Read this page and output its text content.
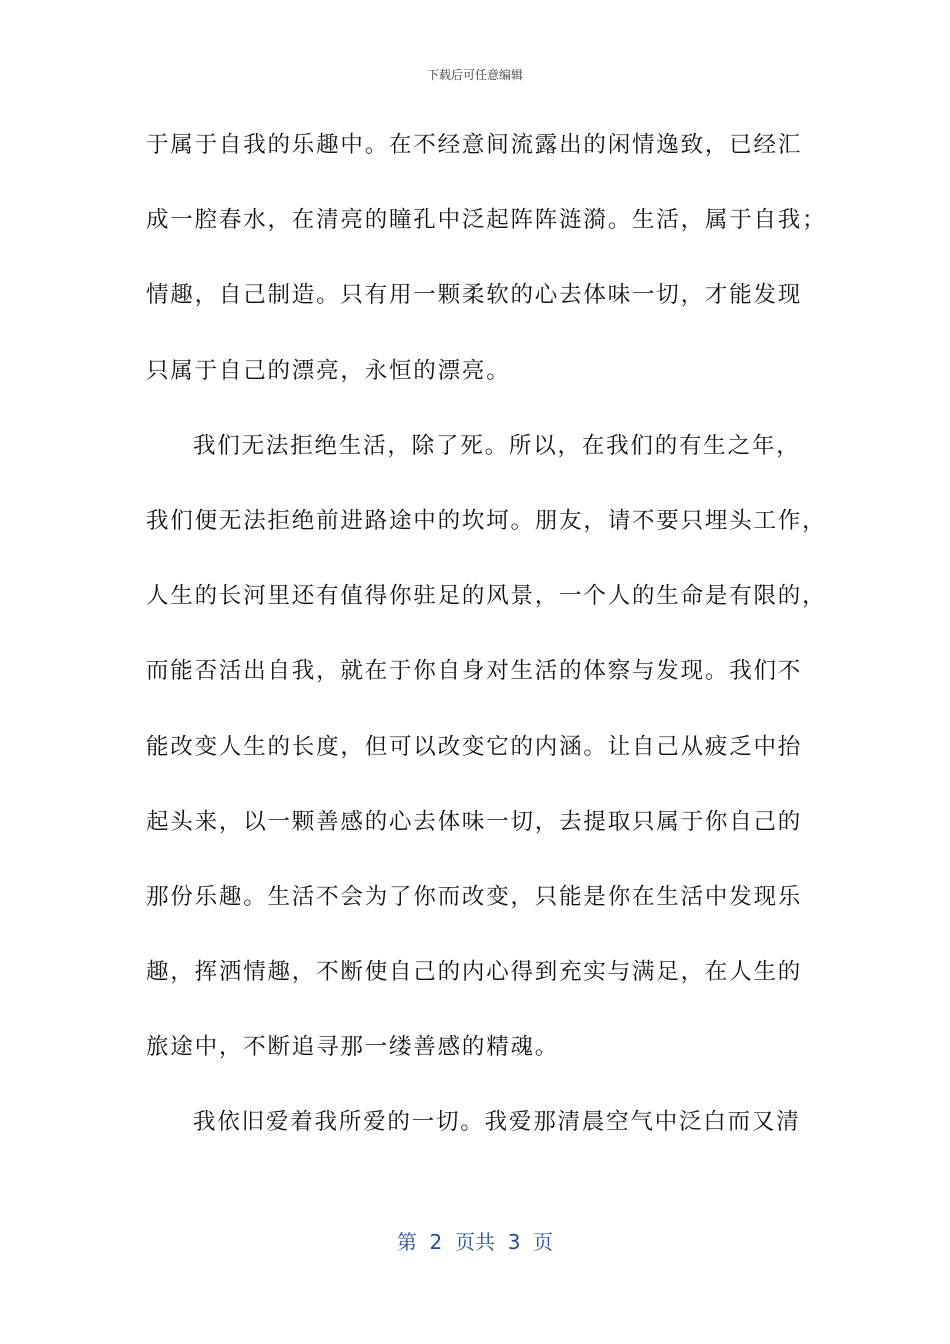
下载后可任意编辑
于属于自我的乐趣中。在不经意间流露出的闲情逸致，已经汇
成一腔春水，在清亮的瞳孔中泛起阵阵涟漪。生活，属于自我；
情趣，自己制造。只有用一颗柔软的心去体味一切，才能发现
只属于自己的漂亮，永恒的漂亮。
我们无法拒绝生活，除了死。所以，在我们的有生之年，
我们便无法拒绝前进路途中的坎坷。朋友，请不要只埋头工作，
人生的长河里还有值得你驻足的风景，一个人的生命是有限的，
而能否活出自我，就在于你自身对生活的体察与发现。我们不
能改变人生的长度，但可以改变它的内涵。让自己从疲乏中抬
起头来，以一颗善感的心去体味一切，去提取只属于你自己的
那份乐趣。生活不会为了你而改变，只能是你在生活中发现乐
趣，挥洒情趣，不断使自己的内心得到充实与满足，在人生的
旅途中，不断追寻那一缕善感的精魂。
我依旧爱着我所爱的一切。我爱那清晨空气中泛白而又清
第  2  页共  3  页
